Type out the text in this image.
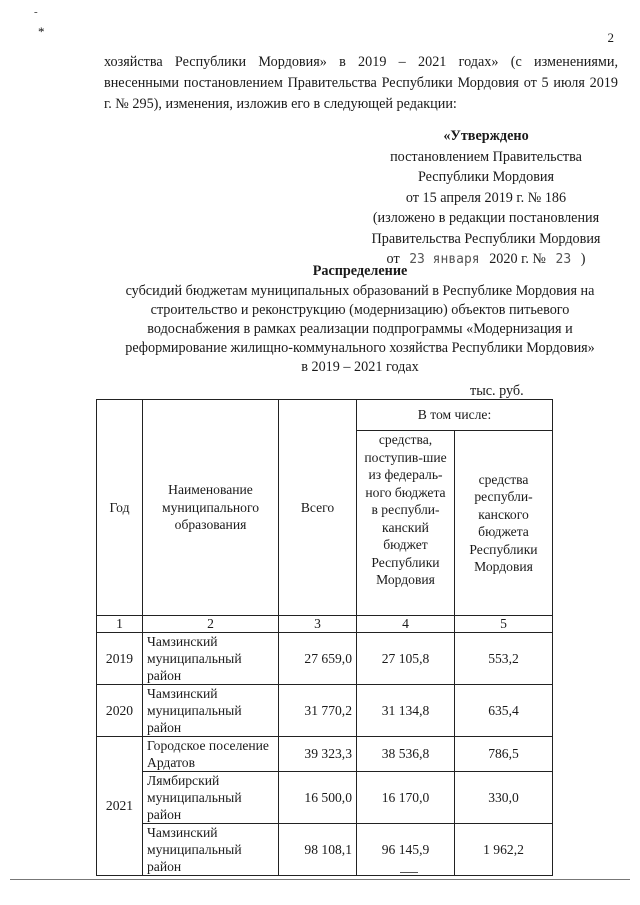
-
*	2
хозяйства Республики Мордовия» в 2019 – 2021 годах» (с изменениями, внесенными постановлением Правительства Республики Мордовия от 5 июля 2019 г. № 295), изменения, изложив его в следующей редакции:
«Утверждено
постановлением Правительства
Республики Мордовия
от 15 апреля 2019 г. № 186
(изложено в редакции постановления
Правительства Республики Мордовия
от 23 января 2020 г. № 23 )
Распределение
субсидий бюджетам муниципальных образований в Республике Мордовия на
строительство и реконструкцию (модернизацию) объектов питьевого
водоснабжения в рамках реализации подпрограммы «Модернизация и
реформирование жилищно-коммунального хозяйства Республики Мордовия»
в 2019 – 2021 годах
тыс. руб.
Год	Наименование муниципального образования	Всего	В том числе:	
			средства, поступив-шие из федераль-ного бюджета в республи-канский бюджет Республики Мордовия	средства республи-канского бюджета Республики Мордовия
1	2	3	4	5
2019	Чамзинский муниципальный район	27 659,0	27 105,8	553,2
2020	Чамзинский муниципальный район	31 770,2	31 134,8	635,4
2021	Городское поселение Ардатов	39 323,3	38 536,8	786,5
	Лямбирский муниципальный район	16 500,0	16 170,0	330,0
	Чамзинский муниципальный район	98 108,1	96 145,9	1 962,2
